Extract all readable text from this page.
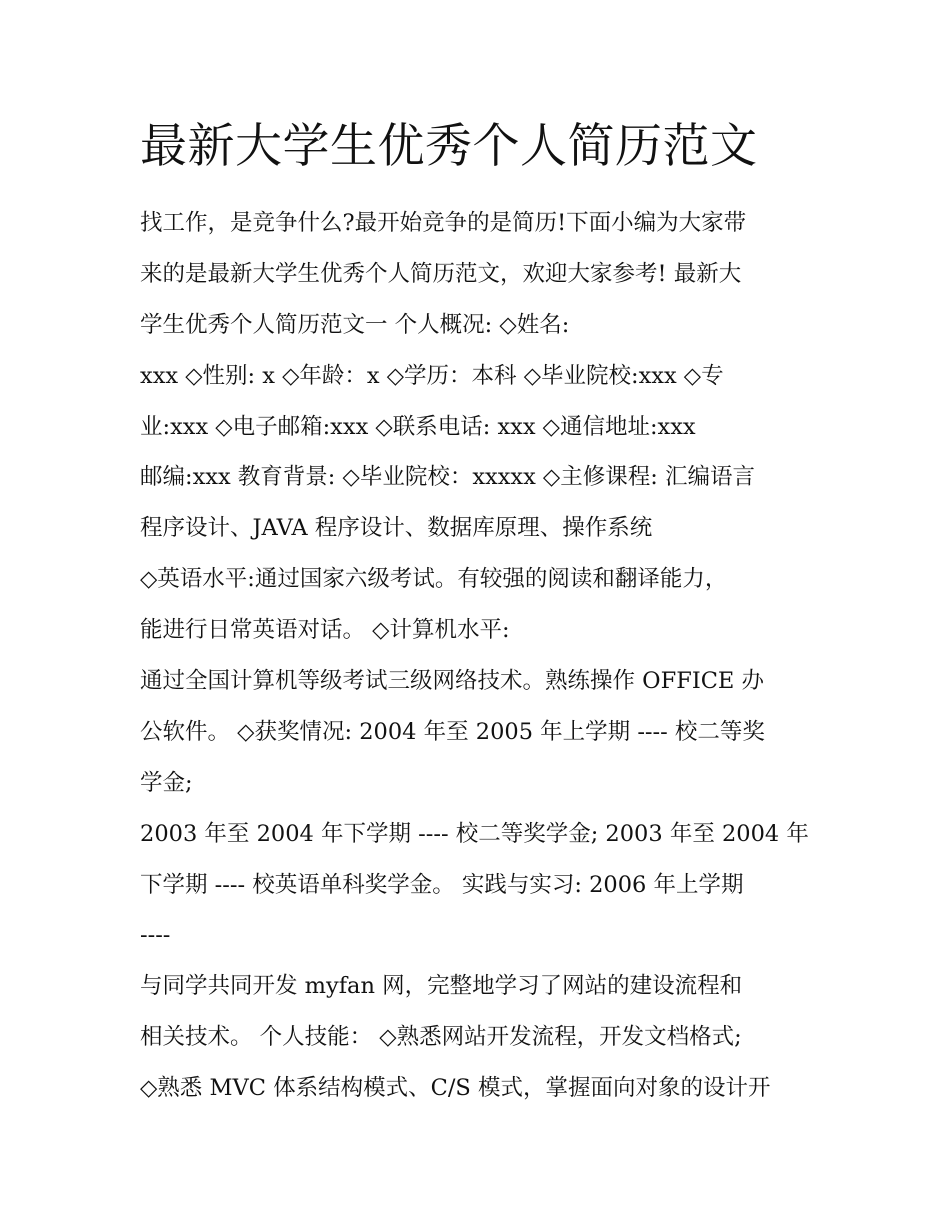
最新大学生优秀个人简历范文
找工作，是竞争什么?最开始竞争的是简历!下面小编为大家带
来的是最新大学生优秀个人简历范文，欢迎大家参考! 最新大
学生优秀个人简历范文一 个人概况: ◇姓名:
xxx ◇性别: x ◇年龄：x ◇学历：本科 ◇毕业院校:xxx ◇专
业:xxx ◇电子邮箱:xxx ◇联系电话: xxx ◇通信地址:xxx
邮编:xxx 教育背景: ◇毕业院校：xxxxx ◇主修课程: 汇编语言
程序设计、JAVA 程序设计、数据库原理、操作系统
◇英语水平:通过国家六级考试。有较强的阅读和翻译能力，
能进行日常英语对话。 ◇计算机水平:
通过全国计算机等级考试三级网络技术。熟练操作 OFFICE 办
公软件。 ◇获奖情况: 2004 年至 2005 年上学期 ---- 校二等奖
学金;
2003 年至 2004 年下学期 ---- 校二等奖学金; 2003 年至 2004 年
下学期 ---- 校英语单科奖学金。 实践与实习: 2006 年上学期
----
与同学共同开发 myfan 网，完整地学习了网站的建设流程和
相关技术。 个人技能： ◇熟悉网站开发流程，开发文档格式;
◇熟悉 MVC 体系结构模式、C/S 模式，掌握面向对象的设计开
